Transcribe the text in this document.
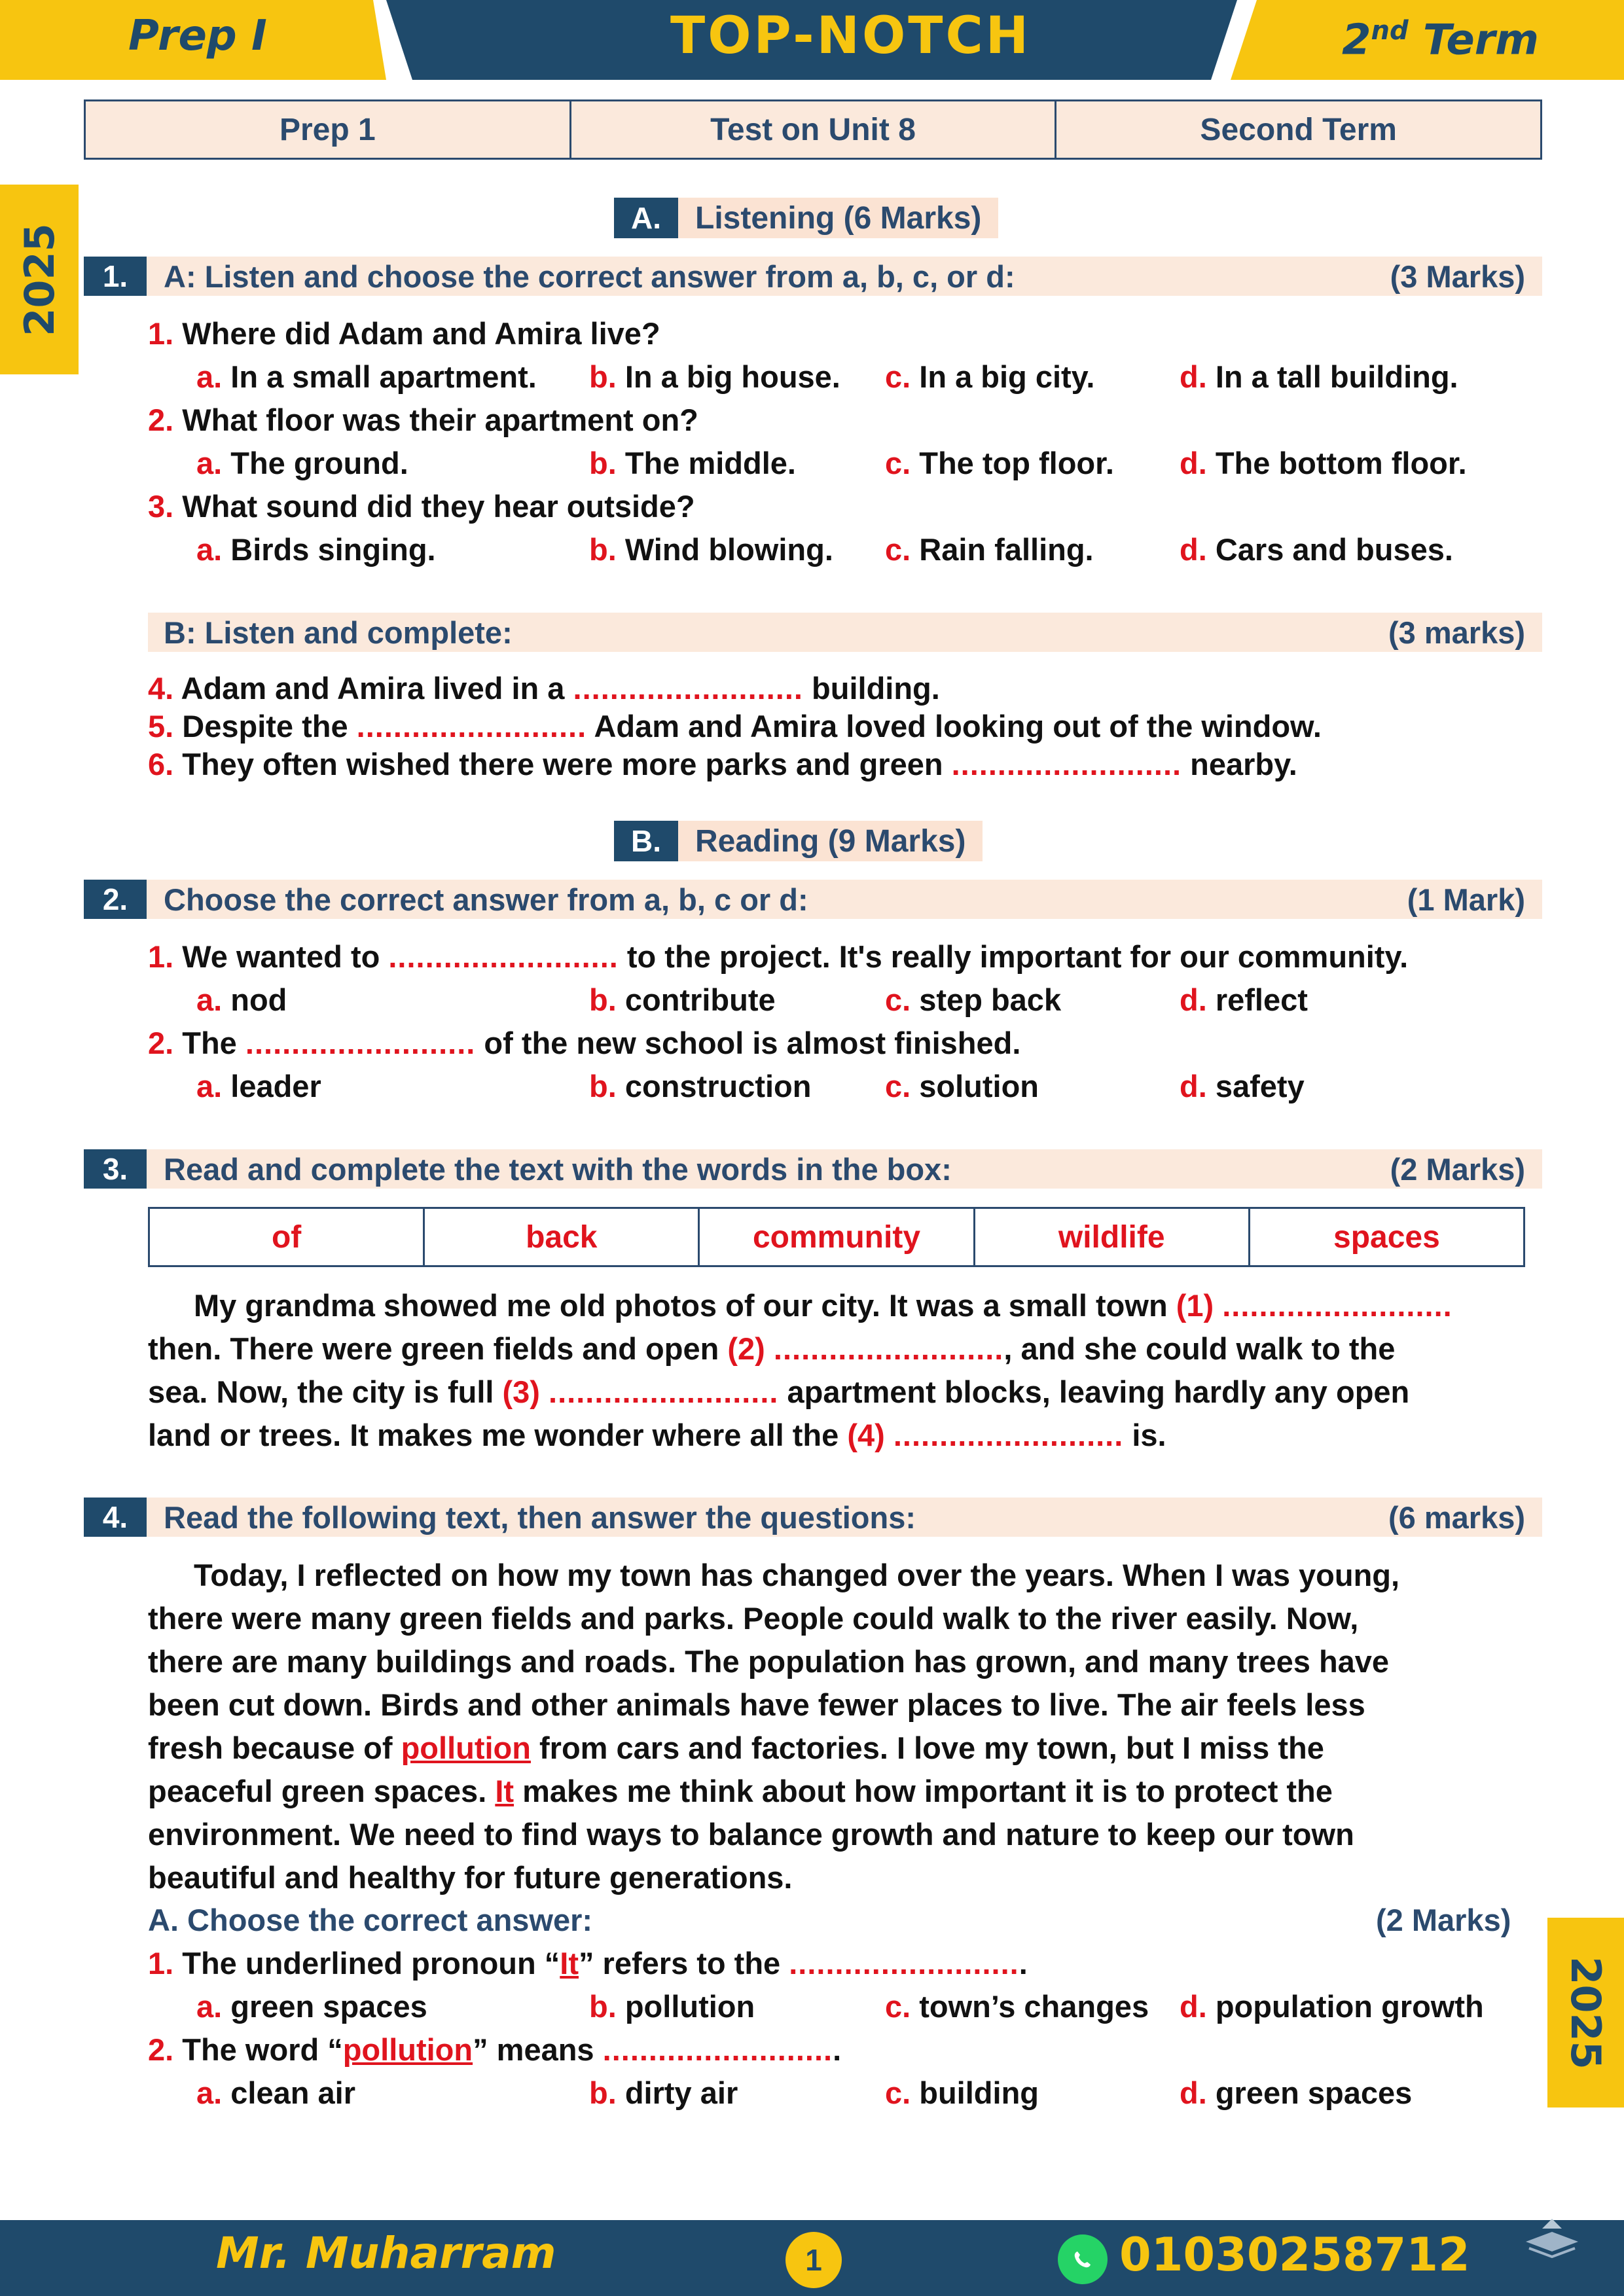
Prep I	TOP-NOTCH	2nd Term
Prep 1	Test on Unit 8	Second Term
2025
2025
A.	Listening (6 Marks)
1.	A: Listen and choose the correct answer from a, b, c, or d:	(3 Marks)
1. Where did Adam and Amira live?
a. In a small apartment. b. In a big house. c. In a big city.	d. In a tall building.
2. What floor was their apartment on?
a. The ground.	b. The middle.	c. The top floor. d. The bottom floor.
3. What sound did they hear outside?
a. Birds singing.	b. Wind blowing. c. Rain falling.	d. Cars and buses.
B: Listen and complete:	(3 marks)
4. Adam and Amira lived in a ......................... building.
5. Despite the ......................... Adam and Amira loved looking out of the window.
6. They often wished there were more parks and green ......................... nearby.
B.	Reading (9 Marks)
2.	Choose the correct answer from a, b, c or d:	(1 Mark)
1. We wanted to ......................... to the project. It's really important for our community.
a. nod	b. contribute	c. step back	d. reflect
2. The ......................... of the new school is almost finished.
a. leader	b. construction c. solution	d. safety
3.	Read and complete the text with the words in the box:	(2 Marks)
of	back	community	wildlife	spaces
My grandma showed me old photos of our city. It was a small town (1) .........................
then. There were green fields and open (2) ........................., and she could walk to the
sea. Now, the city is full (3) ......................... apartment blocks, leaving hardly any open
land or trees. It makes me wonder where all the (4) ......................... is.
4.	Read the following text, then answer the questions:	(6 marks)
Today, I reflected on how my town has changed over the years. When I was young,
there were many green fields and parks. People could walk to the river easily. Now,
there are many buildings and roads. The population has grown, and many trees have
been cut down. Birds and other animals have fewer places to live. The air feels less
fresh because of pollution from cars and factories. I love my town, but I miss the
peaceful green spaces. It makes me think about how important it is to protect the
environment. We need to find ways to balance growth and nature to keep our town
beautiful and healthy for future generations.
A. Choose the correct answer:	(2 Marks)
1. The underlined pronoun “It” refers to the ..........................
a. green spaces	b. pollution	c. town’s changes d. population growth
2. The word “pollution” means ..........................
a. clean air	b. dirty air	c. building	d. green spaces
Mr. Muharram	1	01030258712
